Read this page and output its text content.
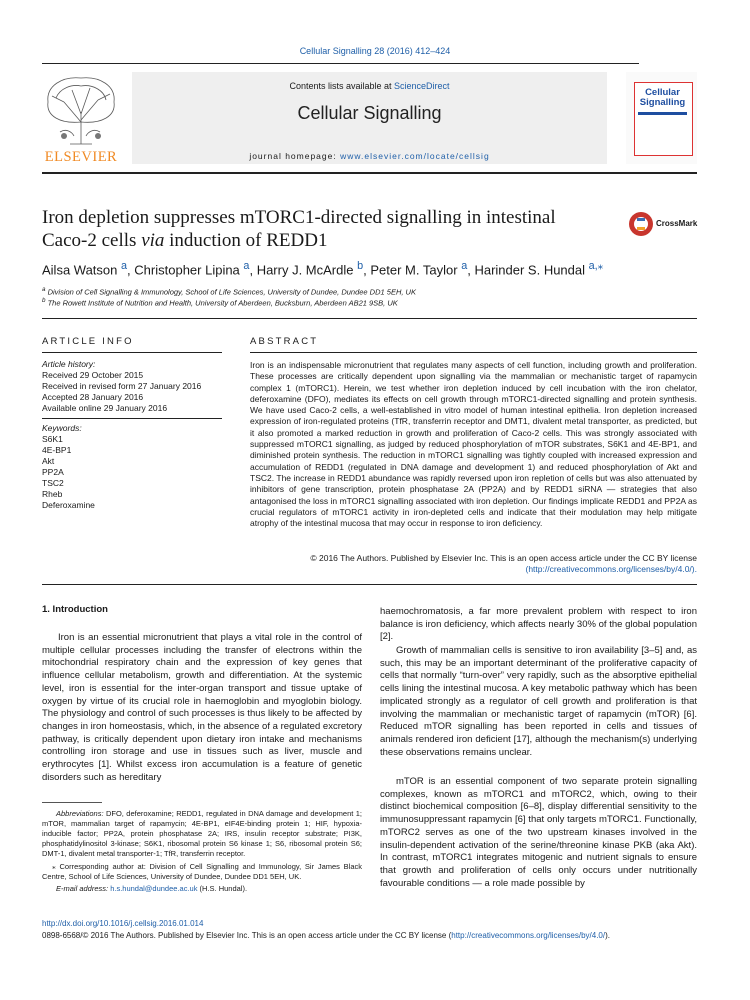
Cellular Signalling 28 (2016) 412–424
ELSEVIER
Contents lists available at ScienceDirect
Cellular Signalling
journal homepage: www.elsevier.com/locate/cellsig
Cellular Signalling
Iron depletion suppresses mTORC1-directed signalling in intestinal
Caco-2 cells via induction of REDD1
CrossMark
Ailsa Watson $^a$, Christopher Lipina $^a$, Harry J. McArdle $^b$, Peter M. Taylor $^a$, Harinder S. Hundal $^{a,⁎}$
$^a$ Division of Cell Signalling & Immunology, School of Life Sciences, University of Dundee, Dundee DD1 5EH, UK
$^b$ The Rowett Institute of Nutrition and Health, University of Aberdeen, Bucksburn, Aberdeen AB21 9SB, UK
ARTICLE INFO
Article history:
Received 29 October 2015
Received in revised form 27 January 2016
Accepted 28 January 2016
Available online 29 January 2016
Keywords:
S6K1
4E-BP1
Akt
PP2A
TSC2
Rheb
Deferoxamine
ABSTRACT
Iron is an indispensable micronutrient that regulates many aspects of cell function, including growth and proliferation. These processes are critically dependent upon signalling via the mammalian or mechanistic target of rapamycin complex 1 (mTORC1). Herein, we test whether iron depletion induced by cell incubation with the iron chelator, deferoxamine (DFO), mediates its effects on cell growth through mTORC1-directed signalling and protein synthesis. We have used Caco-2 cells, a well-established in vitro model of human intestinal epithelia. Iron depletion increased expression of iron-regulated proteins (TfR, transferrin receptor and DMT1, divalent metal transporter, as predicted, but it also promoted a marked reduction in growth and proliferation of Caco-2 cells. This was strongly associated with suppressed mTORC1 signalling, as judged by reduced phosphorylation of mTOR substrates, S6K1 and 4E-BP1, and diminished protein synthesis. The reduction in mTORC1 signalling was tightly coupled with increased expression and accumulation of REDD1 (regulated in DNA damage and development 1) and reduced phosphorylation of Akt and TSC2. The increase in REDD1 abundance was rapidly reversed upon iron repletion of cells but was also attenuated by inhibitors of gene transcription, protein phosphatase 2A (PP2A) and by REDD1 siRNA — strategies that also antagonised the loss in mTORC1 signalling associated with iron depletion. Our findings implicate REDD1 and PP2A as crucial regulators of mTORC1 activity in iron-depleted cells and indicate that their modulation may help mitigate atrophy of the intestinal mucosa that may occur in response to iron deficiency.
© 2016 The Authors. Published by Elsevier Inc. This is an open access article under the CC BY license
(http://creativecommons.org/licenses/by/4.0/).
1. Introduction
Iron is an essential micronutrient that plays a vital role in the control of multiple cellular processes including the transfer of electrons within the mitochondrial respiratory chain and the expression of key genes that influence cellular metabolism, growth and differentiation. At the systemic level, iron is essential for the inter-organ transport and tissue uptake of oxygen by virtue of its crucial role in haemoglobin and myoglobin biology. The physiology and control of such processes is thus likely to be affected by changes in iron homeostasis, which, in the absence of a regulated excretory pathway, is critically dependent upon dietary iron intake and mechanisms controlling iron storage and use in tissues such as liver, muscle and erythrocytes [1]. Whilst excess iron accumulation is a feature of genetic disorders such as hereditary
haemochromatosis, a far more prevalent problem with respect to iron balance is iron deficiency, which affects nearly 30% of the global population [2].
Growth of mammalian cells is sensitive to iron availability [3–5] and, as such, this may be an important determinant of the proliferative capacity of cells that normally “turn-over” very rapidly, such as the absorptive epithelial cells lining the intestinal mucosa. A key metabolic pathway which has been implicated strongly as a regulator of cell growth and proliferation is that involving the mammalian or mechanistic target of rapamycin (mTOR) [6]. Reduced mTOR signalling has been reported in cells and tissues of animals rendered iron deficient [17], although the mechanism(s) underlying these observations remains unclear.
mTOR is an essential component of two separate protein signalling complexes, known as mTORC1 and mTORC2, which, owing to their distinct biochemical composition [6–8], display differential sensitivity to the immunosuppressant rapamycin [6] that only targets mTORC1. Functionally, mTORC2 serves as one of the two upstream kinases involved in the insulin-dependent activation of the serine/threonine kinase PKB (aka Akt). In contrast, mTORC1 integrates mitogenic and nutrient signals to ensure that growth and proliferation of cells only occurs under nutritionally favourable conditions — a role made possible by
Abbreviations: DFO, deferoxamine; REDD1, regulated in DNA damage and development 1; mTOR, mammalian target of rapamycin; 4E-BP1, eIF4E-binding protein 1; HIF, hypoxia-inducible factor; PP2A, protein phosphatase 2A; IRS, insulin receptor substrate; PI3K, phosphatidylinositol 3-kinase; S6K1, ribosomal protein S6 kinase 1; S6, ribosomal protein S6; DMT-1, divalent metal transporter-1; TfR, transferrin receptor.
⁎ Corresponding author at: Division of Cell Signalling and Immunology, Sir James Black Centre, School of Life Sciences, University of Dundee, Dundee DD1 5EH, UK.
E-mail address: h.s.hundal@dundee.ac.uk (H.S. Hundal).
http://dx.doi.org/10.1016/j.cellsig.2016.01.014
0898-6568/© 2016 The Authors. Published by Elsevier Inc. This is an open access article under the CC BY license (http://creativecommons.org/licenses/by/4.0/).
